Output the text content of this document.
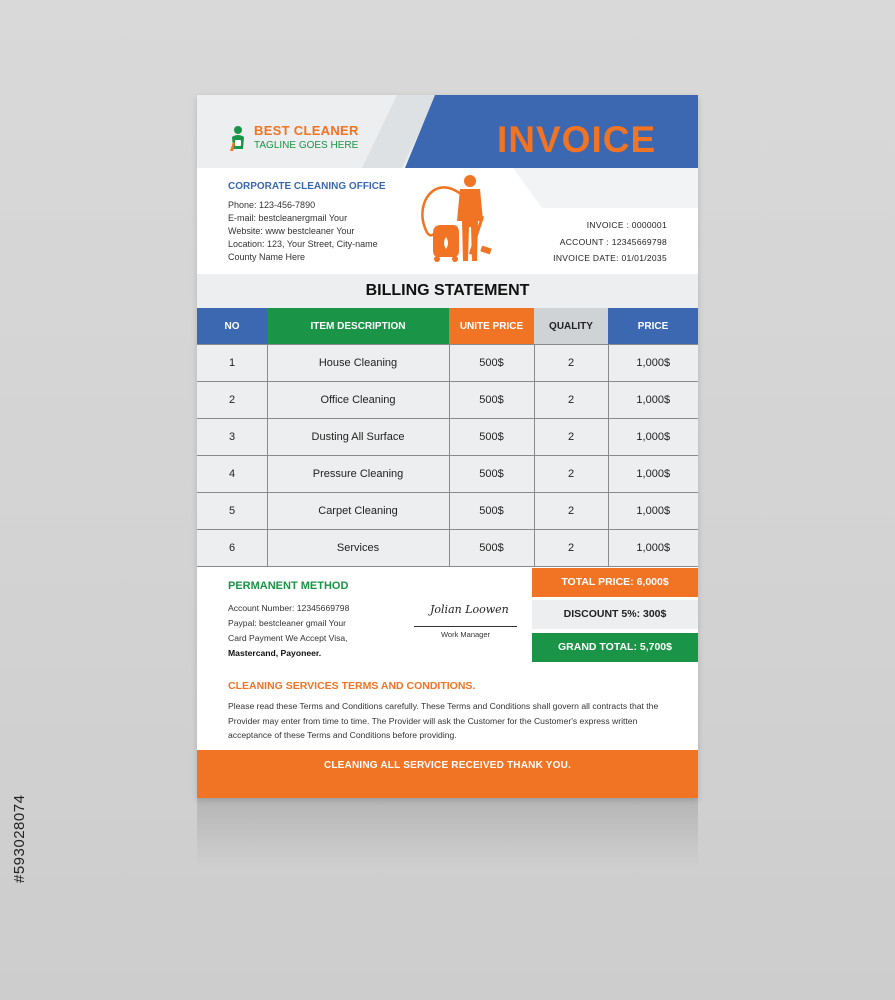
BEST CLEANER
TAGLINE GOES HERE	INVOICE
CORPORATE CLEANING OFFICE
Phone: 123-456-7890
E-mail: bestcleanergmail Your
Website: www bestcleaner Your
Location: 123, Your Street, City-name
County Name Here
INVOICE : 0000001
ACCOUNT : 12345669798
INVOICE DATE: 01/01/2035
BILLING STATEMENT
NO	ITEM DESCRIPTION	UNITE PRICE	QUALITY	PRICE
1	House Cleaning	500$	2	1,000$
2	Office Cleaning	500$	2	1,000$
3	Dusting All Surface	500$	2	1,000$
4	Pressure Cleaning	500$	2	1,000$
5	Carpet Cleaning	500$	2	1,000$
6	Services	500$	2	1,000$
PERMANENT METHOD
Account Number: 12345669798
Paypal: bestcleaner gmail Your
Card Payment We Accept Visa,
Mastercand, Payoneer.
Jolian Loowen
Work Manager
TOTAL PRICE: 6,000$
DISCOUNT 5%: 300$
GRAND TOTAL: 5,700$
CLEANING SERVICES TERMS AND CONDITIONS.
Please read these Terms and Conditions carefully. These Terms and Conditions shall govern all contracts that the Provider may enter from time to time. The Provider will ask the Customer for the Customer's express written acceptance of these Terms and Conditions before providing.
CLEANING ALL SERVICE RECEIVED THANK YOU.
#593028074
